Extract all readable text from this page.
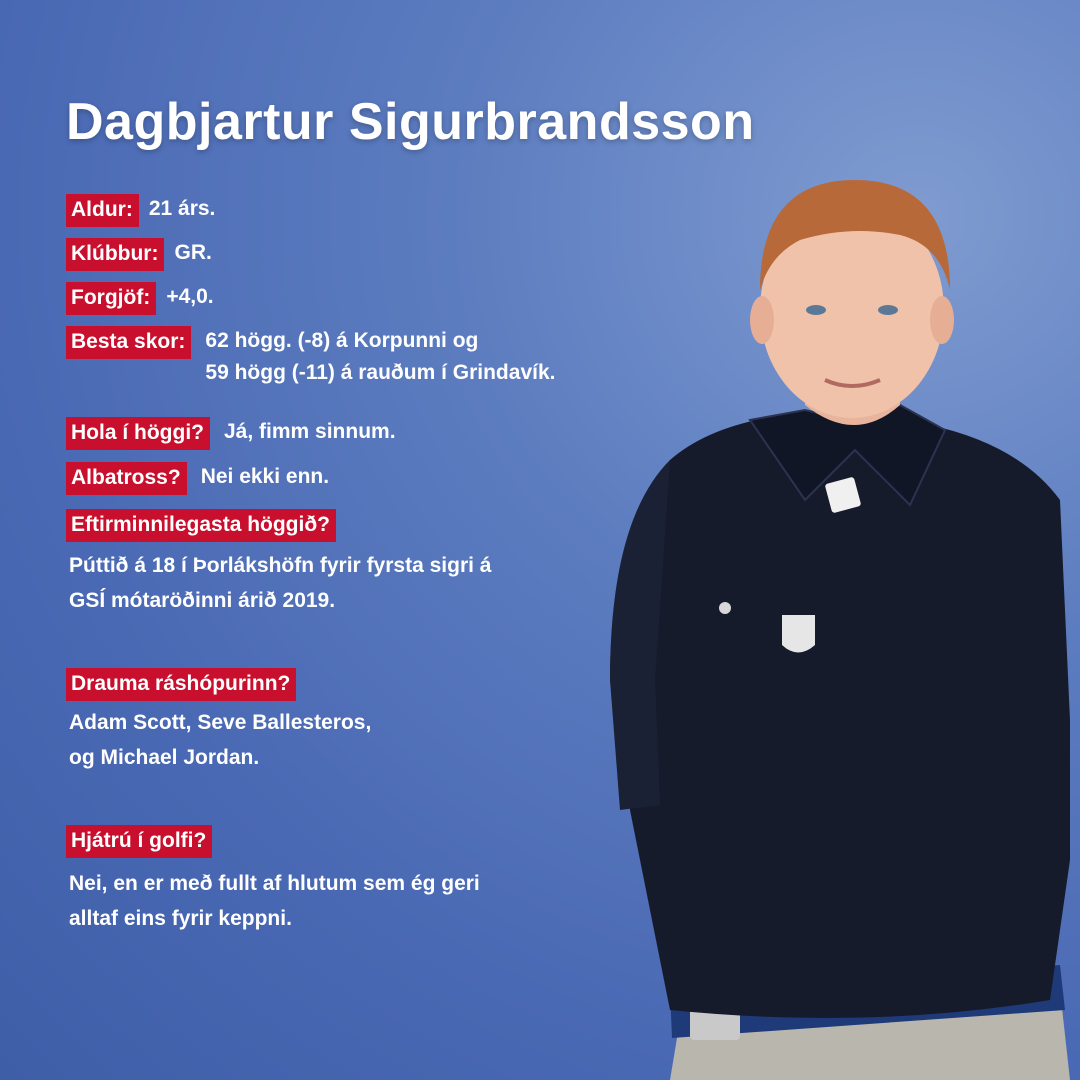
Dagbjartur Sigurbrandsson
Aldur: 21 árs.
Klúbbur: GR.
Forgjöf: +4,0.
Besta skor: 62 högg. (-8) á Korpunni og
59 högg (-11) á rauðum í Grindavík.
Hola í höggi? Já, fimm sinnum.
Albatross? Nei ekki enn.
Eftirminnilegasta höggið?
Púttið á 18 í Þorlákshöfn fyrir fyrsta sigri á
GSÍ mótaröðinni árið 2019.
Drauma ráshópurinn?
Adam Scott, Seve Ballesteros,
og Michael Jordan.
Hjátrú í golfi?
Nei, en er með fullt af hlutum sem ég geri
alltaf eins fyrir keppni.
